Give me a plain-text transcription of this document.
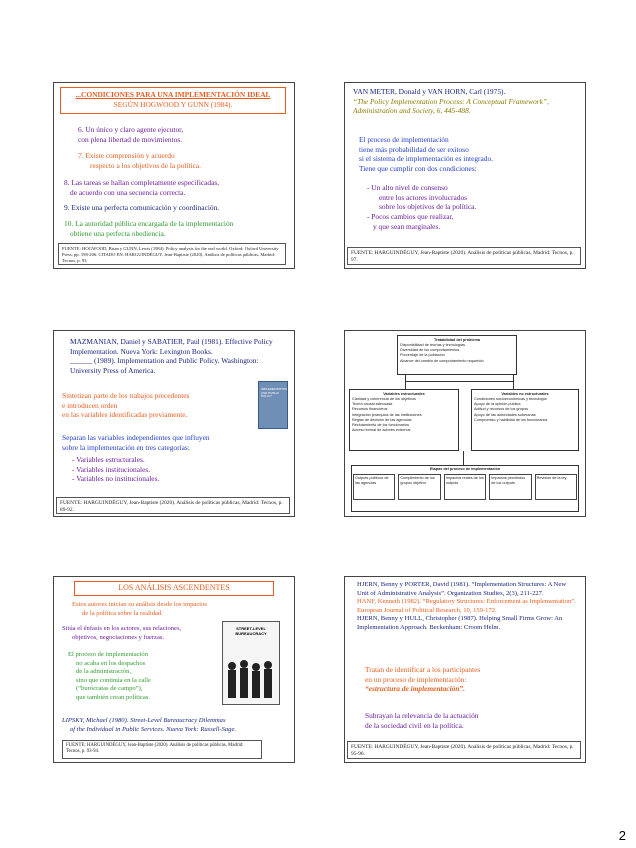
...CONDICIONES PARA UNA IMPLEMENTACIÓN IDEAL
SEGÚN HOGWOOD Y GUNN (1984).
6. Un único y claro agente ejecutor,
con plena libertad de movimientos.
7. Existe comprensión y acuerdo
respecto a los objetivos de la política.
8. Las tareas se hallan completamente especificadas,
de acuerdo con una secuencia correcta.
9. Existe una perfecta comunicación y coordinación.
10. La autoridad pública encargada de la implementación
obtiene una perfecta obediencia.
FUENTE: HOGWOOD, Brian y GUNN, Lewis (1984). Policy analysis for the real world. Oxford: Oxford University Press, pp. 198-206. CITADO EN: HARGUINDÉGUY, Jean-Baptiste (2020). Análisis de políticas públicas, Madrid: Tecnos, p. 93.
VAN METER, Donald y VAN HORN, Carl (1975).
“The Policy Implementation Process: A Conceptual Framework”, Administration and Society, 6, 445-488.
El proceso de implementación
tiene más probabilidad de ser exitoso
si el sistema de implementación es integrado.
Tiene que cumplir con dos condiciones:
- Un alto nivel de consenso
entre los actores involucrados
sobre los objetivos de la política.
- Pocos cambios que realizar,
y que sean marginales.
FUENTE: HARGUINDÉGUY, Jean-Baptiste (2020). Análisis de políticas públicas, Madrid: Tecnos, p. 97.
MAZMANIAN, Daniel y SABATIER, Paul (1981). Effective Policy Implementation. Nueva York: Lexington Books.
______ (1989). Implementation and Public Policy. Washington: University Press of America.
Sintetizan parte de los trabajos precedentes
e introducen orden
en las variables identificadas previamente.
Separan las variables independientes que influyen
sobre la implementación en tres categorías:
- Variables estructurales.
- Variables institucionales.
- Variables no institucionales.
IMPLEMENTATION AND PUBLIC POLICY
FUENTE: HARGUINDÉGUY, Jean-Baptiste (2020). Análisis de políticas públicas, Madrid: Tecnos, p. 89-92.
Tratabilidad del problema
Disponibilidad de teorías y tecnologías
Diversidad de los comportamientos
Porcentaje de la población
Alcance del cambio de comportamiento requerido
Variables estructurales
Claridad y coherencia de los objetivos
Teoría causal adecuada
Recursos financieros
Integración jerárquica de las instituciones
Reglas de decisión de las agencias
Reclutamiento de los funcionarios
Acceso formal de actores externos
Variables no estructurales
Condiciones socioeconómicas y tecnología
Apoyo de la opinión pública
Actitud y recursos de los grupos
Apoyo de las autoridades soberanas
Compromiso y habilidad de los funcionarios
Etapas del proceso de implementación
Outputs políticos de las agencias
Cumplimiento de los grupos objetivo
Impactos reales de los outputs
Impactos percibidos de los outputs
Revisión de la ley
LOS ANÁLISIS ASCENDENTES
Estos autores inician su análisis desde los impactos
de la política sobre la realidad.
Sitúa el énfasis en los actores, sus relaciones,
objetivos, negociaciones y fuerzas.
El proceso de implementación
no acaba en los despachos
de la administración,
sino que continúa en la calle
(“burócratas de campo”),
que también crean políticas.
STREET-LEVEL BUREAUCRACY
LIPSKY, Michael (1980). Street-Level Bureaucracy Dilemmas
of the Individual in Public Services. Nueva York: Russell-Sage.
FUENTE: HARGUINDÉGUY, Jean-Baptiste (2020). Análisis de políticas públicas, Madrid: Tecnos, p. 93-94.
HJERN, Benny y PORTER, David (1981). “Implementation Structures: A New Unit of Administrative Analysis”. Organization Studies, 2(3), 211-227.
HANF, Kenneth (1982). “Regulatory Structures: Enforcement as Implementation”. European Journal of Political Research, 10, 159-172.
HJERN, Benny y HULL, Christopher (1987). Helping Small Firms Grow: An Implementation Approach. Beckenham: Croom Helm.
Tratan de identificar a los participantes
en un proceso de implementación:
“estructura de implementación”.
Subrayan la relevancia de la actuación
de la sociedad civil en la política.
FUENTE: HARGUINDÉGUY, Jean-Baptiste (2020). Análisis de políticas públicas, Madrid: Tecnos, p. 95-96.
2
